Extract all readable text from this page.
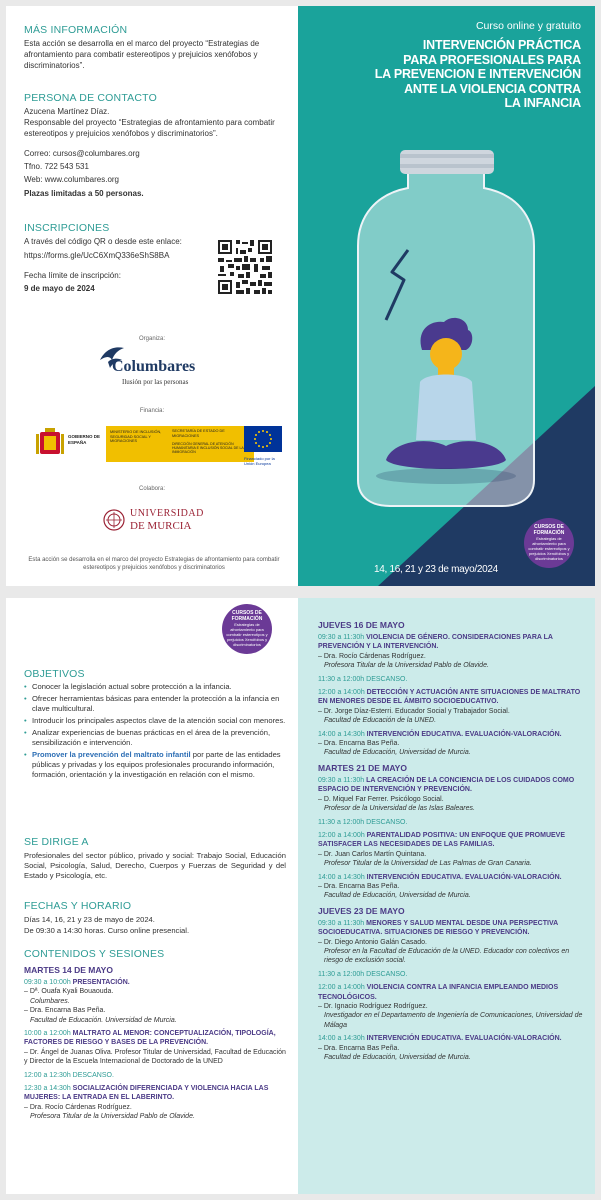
MÁS INFORMACIÓN
Esta acción se desarrolla en el marco del proyecto “Estrategias de afrontamiento para combatir estereotipos y prejuicios xenófobos y discriminatorios”.
PERSONA DE CONTACTO
Azucena Martínez Díaz.
Responsable del proyecto “Estrategias de afrontamiento para combatir estereotipos y prejuicios xenófobos y discriminatorios”.
Correo: cursos@columbares.org
Tfno. 722 543 531
Web: www.columbares.org
Plazas limitadas a 50 personas.
INSCRIPCIONES
A través del código QR o desde este enlace:
https://forms.gle/UcC6XmQ336eShS8BA
Fecha límite de inscripción:
9 de mayo de 2024
Organiza:
Columbares
Ilusión por las personas
Financia:
GOBIERNO DE ESPAÑA
MINISTERIO DE INCLUSIÓN, SEGURIDAD SOCIAL Y MIGRACIONES
SECRETARÍA DE ESTADO DE MIGRACIONES
DIRECCIÓN GENERAL DE ATENCIÓN HUMANITARIA E INCLUSIÓN SOCIAL DE LA INMIGRACIÓN
Financiado por la Unión Europea
Colabora:
UNIVERSIDAD
DE MURCIA
Esta acción se desarrolla en el marco del proyecto Estrategias de afrontamiento para combatir estereotipos y prejuicios xenófobos y discriminatorios
Curso online y gratuito
INTERVENCIÓN PRÁCTICA
PARA PROFESIONALES PARA
LA PREVENCION E INTERVENCIÓN
ANTE LA VIOLENCIA CONTRA
LA INFANCIA
CURSOS DE FORMACIÓN
Estrategias de afrontamiento para combatir estereotipos y prejuicios Xenófobos y discriminatorios
14, 16, 21 y 23 de mayo/2024
CURSOS DE FORMACIÓN
Estrategias de afrontamiento para combatir estereotipos y prejuicios Xenófobos y discriminatorios
OBJETIVOS
• Conocer la legislación actual sobre protección a la infancia.
• Ofrecer herramientas básicas para entender la protección a la infancia en clave multicultural.
• Introducir los principales aspectos clave de la atención social con menores.
• Analizar experiencias de buenas prácticas en el área de la prevención, sensibilización e intervención.
• Promover la prevención del maltrato infantil por parte de las entidades públicas y privadas y los equipos profesionales procurando información, formación, orientación y la investigación en relación con el mismo.
SE DIRIGE A
Profesionales del sector público, privado y social: Trabajo Social, Educación Social, Psicología, Salud, Derecho, Cuerpos y Fuerzas de Seguridad y del Estado y Psicología, etc.
FECHAS Y HORARIO
Días 14, 16, 21 y 23 de mayo de 2024.
De 09:30 a 14:30 horas. Curso online presencial.
CONTENIDOS Y SESIONES
MARTES 14 DE MAYO
09:30 a 10:00h PRESENTACIÓN.
– Dª. Ouafa Kyali Bouaouda.
Columbares.
– Dra. Encarna Bas Peña.
Facultad de Educación. Universidad de Murcia.
10:00 a 12:00h MALTRATO AL MENOR: CONCEPTUALIZACIÓN, TIPOLOGÍA, FACTORES DE RIESGO Y BASES DE LA PREVENCIÓN.
– Dr. Ángel de Juanas Oliva. Profesor Titular de Universidad, Facultad de Educación y Director de la Escuela Internacional de Doctorado de la UNED
12:00 a 12:30h DESCANSO.
12:30 a 14:30h SOCIALIZACIÓN DIFERENCIADA Y VIOLENCIA HACIA LAS MUJERES: LA ENTRADA EN EL LABERINTO.
– Dra. Rocío Cárdenas Rodríguez.
Profesora Titular de la Universidad Pablo de Olavide.
JUEVES 16 DE MAYO
09:30 a 11:30h VIOLENCIA DE GÉNERO. CONSIDERACIONES PARA LA PREVENCIÓN Y LA INTERVENCIÓN.
– Dra. Rocío Cárdenas Rodríguez.
Profesora Titular de la Universidad Pablo de Olavide.
11:30 a 12:00h DESCANSO.
12:00 a 14:00h DETECCIÓN Y ACTUACIÓN ANTE SITUACIONES DE MALTRATO EN MENORES DESDE EL ÁMBITO SOCIOEDUCATIVO.
– Dr. Jorge Díaz-Esterri. Educador Social y Trabajador Social.
Facultad de Educación de la UNED.
14:00 a 14:30h INTERVENCIÓN EDUCATIVA. EVALUACIÓN-VALORACIÓN.
– Dra. Encarna Bas Peña.
Facultad de Educación, Universidad de Murcia.
MARTES 21 DE MAYO
09:30 a 11:30h LA CREACIÓN DE LA CONCIENCIA DE LOS CUIDADOS COMO ESPACIO DE INTERVENCIÓN Y PREVENCIÓN.
– D. Miquel Far Ferrer. Psicólogo Social.
Profesor de la Universidad de las Islas Baleares.
11:30 a 12:00h DESCANSO.
12:00 a 14:00h PARENTALIDAD POSITIVA: UN ENFOQUE QUE PROMUEVE SATISFACER LAS NECESIDADES DE LAS FAMILIAS.
– Dr. Juan Carlos Martín Quintana.
Profesor Titular de la Universidad de Las Palmas de Gran Canaria.
14:00 a 14:30h INTERVENCIÓN EDUCATIVA. EVALUACIÓN-VALORACIÓN.
– Dra. Encarna Bas Peña.
Facultad de Educación, Universidad de Murcia.
JUEVES 23 DE MAYO
09:30 a 11:30h MENORES Y SALUD MENTAL DESDE UNA PERSPECTIVA SOCIOEDUCATIVA. SITUACIONES DE RIESGO Y PREVENCIÓN.
– Dr. Diego Antonio Galán Casado.
Profesor en la Facultad de Educación de la UNED. Educador con colectivos en riesgo de exclusión social.
11:30 a 12:00h DESCANSO.
12:00 a 14:00h VIOLENCIA CONTRA LA INFANCIA EMPLEANDO MEDIOS TECNOLÓGICOS.
– Dr. Ignacio Rodríguez Rodríguez.
Investigador en el Departamento de Ingeniería de Comunicaciones, Universidad de Málaga
14:00 a 14:30h INTERVENCIÓN EDUCATIVA. EVALUACIÓN-VALORACIÓN.
– Dra. Encarna Bas Peña.
Facultad de Educación, Universidad de Murcia.
